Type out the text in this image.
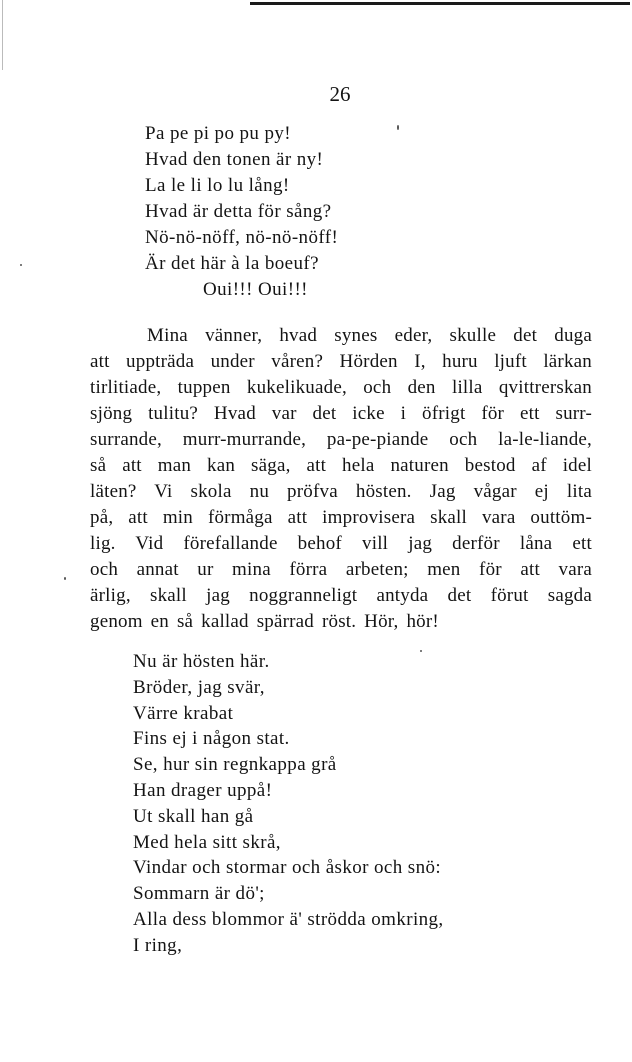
26
Pa pe pi po pu py!
Hvad den tonen är ny!
La le li lo lu lång!
Hvad är detta för sång?
Nö-nö-nöff, nö-nö-nöff!
Är det här à la boeuf?
Oui!!! Oui!!!
Mina vänner, hvad synes eder, skulle det duga
att uppträda under våren? Hörden I, huru ljuft lärkan
tirlitiade, tuppen kukelikuade, och den lilla qvittrerskan
sjöng tulitu? Hvad var det icke i öfrigt för ett surr-
surrande, murr-murrande, pa-pe-piande och la-le-liande,
så att man kan säga, att hela naturen bestod af idel
läten? Vi skola nu pröfva hösten. Jag vågar ej lita
på, att min förmåga att improvisera skall vara outtöm-
lig. Vid förefallande behof vill jag derför låna ett
och annat ur mina förra arbeten; men för att vara
ärlig, skall jag noggranneligt antyda det förut sagda
genom en så kallad spärrad röst. Hör, hör!
Nu är hösten här.
Bröder, jag svär,
Värre krabat
Fins ej i någon stat.
Se, hur sin regnkappa grå
Han drager uppå!
Ut skall han gå
Med hela sitt skrå,
Vindar och stormar och åskor och snö:
Sommarn är dö';
Alla dess blommor ä' strödda omkring,
I ring,
